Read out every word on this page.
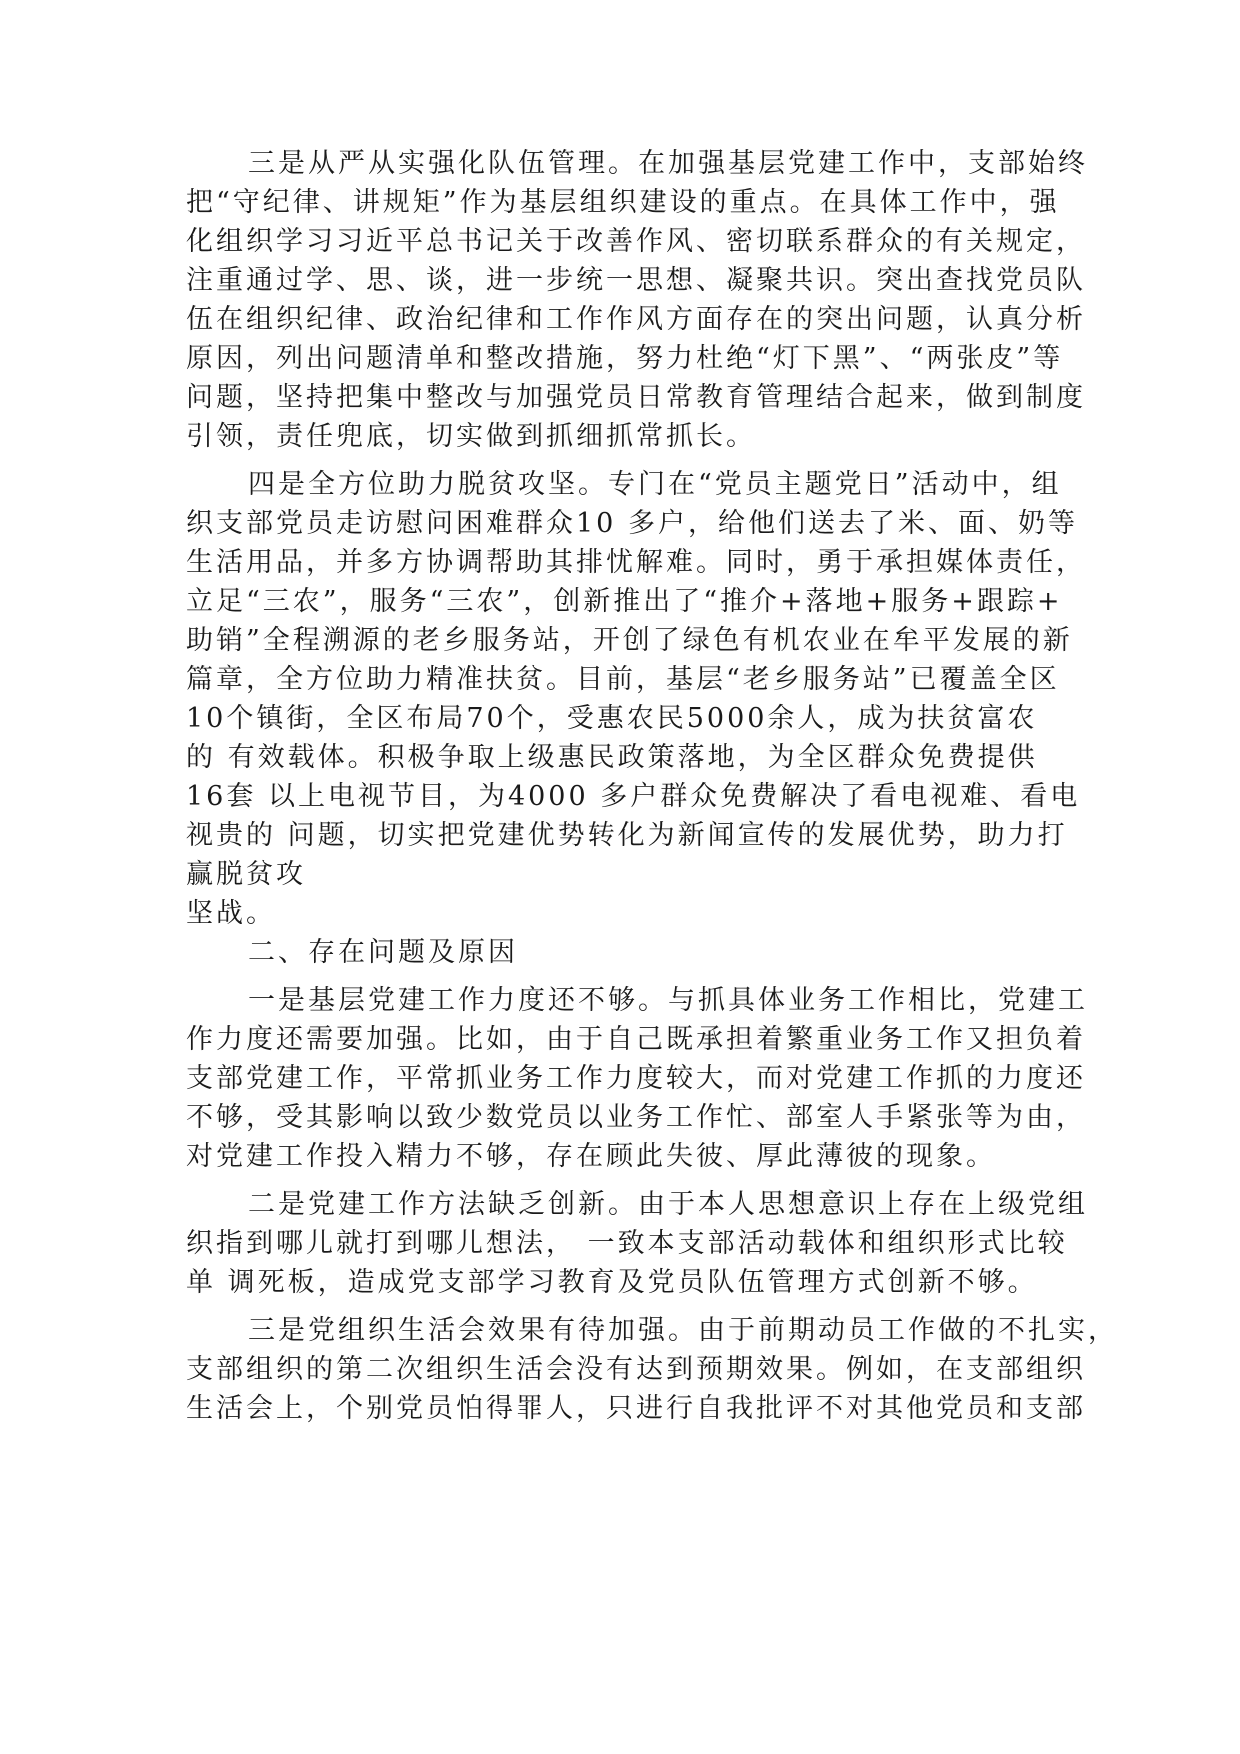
三是从严从实强化队伍管理。在加强基层党建工作中，支部始终
把“守纪律、讲规矩”作为基层组织建设的重点。在具体工作中，强
化组织学习习近平总书记关于改善作风、密切联系群众的有关规定，
注重通过学、思、谈，进一步统一思想、凝聚共识。突出查找党员队
伍在组织纪律、政治纪律和工作作风方面存在的突出问题，认真分析
原因，列出问题清单和整改措施，努力杜绝“灯下黑”、“两张皮”等
问题，坚持把集中整改与加强党员日常教育管理结合起来，做到制度
引领，责任兜底，切实做到抓细抓常抓长。
四是全方位助力脱贫攻坚。专门在“党员主题党日”活动中，组
织支部党员走访慰问困难群众10 多户，给他们送去了米、面、奶等
生活用品，并多方协调帮助其排忧解难。同时，勇于承担媒体责任，
立足“三农”，服务“三农”，创新推出了“推介+落地+服务+跟踪+
助销”全程溯源的老乡服务站，开创了绿色有机农业在牟平发展的新
篇章，全方位助力精准扶贫。目前，基层“老乡服务站”已覆盖全区
10个镇街，全区布局70个，受惠农民5000余人，成为扶贫富农
的 有效载体。积极争取上级惠民政策落地，为全区群众免费提供
16套 以上电视节目，为4000 多户群众免费解决了看电视难、看电
视贵的 问题，切实把党建优势转化为新闻宣传的发展优势，助力打
赢脱贫攻
坚战。
二、存在问题及原因
一是基层党建工作力度还不够。与抓具体业务工作相比，党建工
作力度还需要加强。比如，由于自己既承担着繁重业务工作又担负着
支部党建工作，平常抓业务工作力度较大，而对党建工作抓的力度还
不够，受其影响以致少数党员以业务工作忙、部室人手紧张等为由，
对党建工作投入精力不够，存在顾此失彼、厚此薄彼的现象。
二是党建工作方法缺乏创新。由于本人思想意识上存在上级党组
织指到哪儿就打到哪儿想法， 一致本支部活动载体和组织形式比较
单 调死板，造成党支部学习教育及党员队伍管理方式创新不够。
三是党组织生活会效果有待加强。由于前期动员工作做的不扎实，
支部组织的第二次组织生活会没有达到预期效果。例如，在支部组织
生活会上，个别党员怕得罪人，只进行自我批评不对其他党员和支部
